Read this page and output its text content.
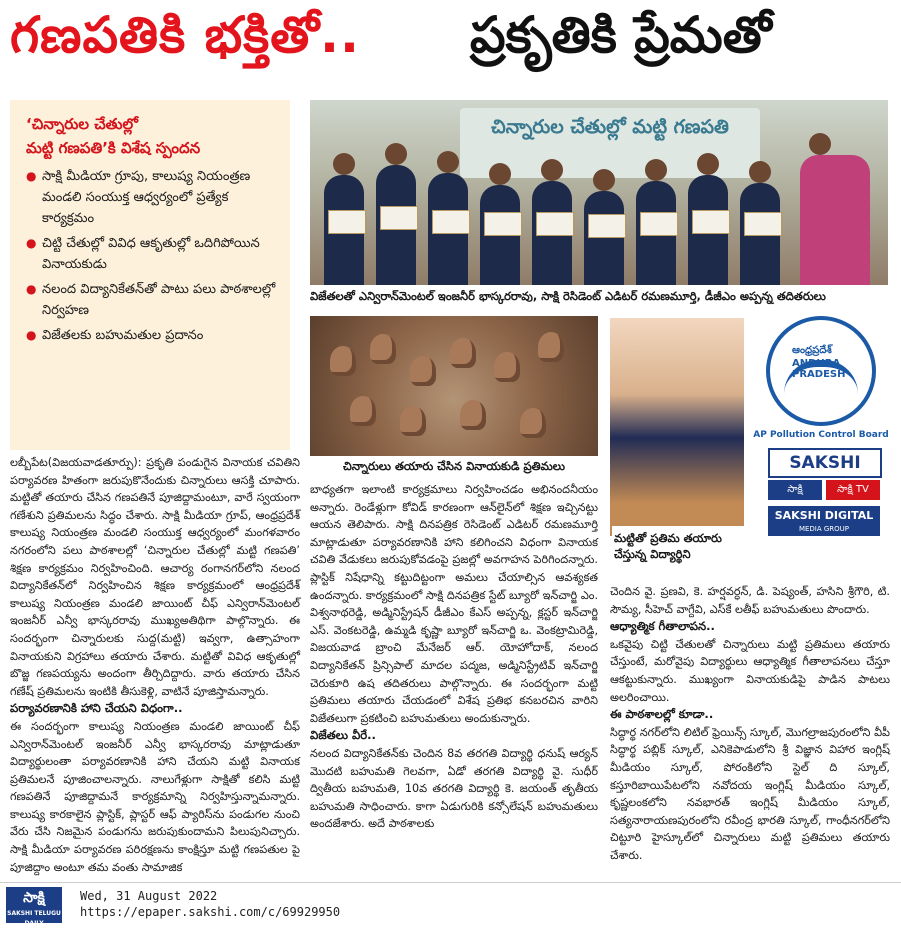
గణపతికి భక్తితో.. ప్రకృతికి ప్రేమతో
‘చిన్నారుల చేతుల్లో
మట్టి గణపతి’కి విశేష స్పందన
● సాక్షి మీడియా గ్రూపు, కాలుష్య నియంత్రణ మండలి సంయుక్త ఆధ్వర్యంలో ప్రత్యేక కార్యక్రమం
● చిట్టి చేతుల్లో వివిధ ఆకృతుల్లో ఒదిగిపోయిన వినాయకుడు
● నలంద విద్యానికేతన్‌తో పాటు పలు పాఠశాలల్లో నిర్వహణ
● విజేతలకు బహుమతుల ప్రదానం
చిన్నారుల చేతుల్లో మట్టి గణపతి
విజేతలతో ఎన్విరాన్‌మెంటల్ ఇంజనీర్ భాస్కరరావు, సాక్షి రెసిడెంట్ ఎడిటర్ రమణమూర్తి, డీజీఎం అప్పన్న తదితరులు
చిన్నారులు తయారు చేసిన వినాయకుడి ప్రతిమలు
మట్టితో ప్రతిమ తయారు చేస్తున్న విద్యార్థిని
ఆంధ్రప్రదేశ్ ANDHRA PRADESH
AP Pollution Control Board
SAKSHI
సాక్షి	సాక్షి TV
SAKSHI DIGITAL
MEDIA GROUP

లబ్బీపేట(విజయవాడతూర్పు): ప్రకృతి పండుగైన వినాయక చవితిని పర్యావరణ హితంగా జరుపుకొనేందుకు చిన్నారులు ఆసక్తి చూపారు. మట్టితో తయారు చేసిన గణపతినే పూజిద్దామంటూ, వారే స్వయంగా గణేశుని ప్రతిమలను సిద్ధం చేశారు. సాక్షి మీడియా గ్రూప్, ఆంధ్రప్రదేశ్ కాలుష్య నియంత్రణ మండలి సంయుక్త ఆధ్వర్యంలో మంగళవారం నగరంలోని పలు పాఠశాలల్లో ‘చిన్నారుల చేతుల్లో మట్టి గణపతి’ శిక్షణ కార్యక్రమం నిర్వహించింది. ఆచార్య రంగానగర్‌లోని నలంద విద్యానికేతన్‌లో నిర్వహించిన శిక్షణ కార్యక్రమంలో ఆంధ్రప్రదేశ్ కాలుష్య నియంత్రణ మండలి జాయింట్ చీఫ్ ఎన్విరాన్‌మెంటల్ ఇంజనీర్ ఎన్వీ భాస్కరరావు ముఖ్యఅతిథిగా పాల్గొన్నారు. ఈ సందర్భంగా చిన్నారులకు సుద్ద(మట్టి) ఇవ్వగా, ఉత్సాహంగా వినాయకుని విగ్రహాలు తయారు చేశారు. మట్టితో వివిధ ఆకృతుల్లో బొజ్జ గణపయ్యను అందంగా తీర్చిదిద్దారు. వారు తయారు చేసిన గణేష్ ప్రతిమలను ఇంటికి తీసుకెళ్లి, వాటినే పూజిస్తామన్నారు.

పర్యావరణానికి హాని చేయని విధంగా..

ఈ సందర్భంగా కాలుష్య నియంత్రణ మండలి జాయింట్ చీఫ్ ఎన్విరాన్‌మెంటల్ ఇంజనీర్ ఎన్వీ భాస్కరరావు మాట్లాడుతూ విద్యార్థులంతా పర్యావరణానికి హాని చేయని మట్టి వినాయక ప్రతిమలనే పూజించాలన్నారు. నాలుగేళ్లుగా సాక్షితో కలిసి మట్టి గణపతినే పూజిద్దామనే కార్యక్రమాన్ని నిర్వహిస్తున్నామన్నారు. కాలుష్య కారకాలైన ప్లాస్టిక్, ప్లాస్టర్ ఆఫ్ ప్యారిస్‌ను పండుగల నుంచి వేరు చేసి నిజమైన పండుగను జరుపుకుందామని పిలుపునిచ్చారు. సాక్షి మీడియా పర్యావరణ పరిరక్షణను కాంక్షిస్తూ మట్టి గణపతుల పై పూజిద్దాం అంటూ తమ వంతు సామాజిక

బాధ్యతగా ఇలాంటి కార్యక్రమాలు నిర్వహించడం అభినందనీయం అన్నారు. రెండేళ్లుగా కోవిడ్ కారణంగా ఆన్‌లైన్‌లో శిక్షణ ఇచ్చినట్టు ఆయన తెలిపారు. సాక్షి దినపత్రిక రెసిడెంట్ ఎడిటర్ రమణమూర్తి మాట్లాడుతూ పర్యావరణానికి హాని కలిగించని విధంగా వినాయక చవితి వేడుకలు జరుపుకోవడంపై ప్రజల్లో అవగాహన పెరిగిందన్నారు. ప్లాస్టిక్ నిషేధాన్ని కట్టుదిట్టంగా అమలు చేయాల్సిన ఆవశ్యకత ఉందన్నారు. కార్యక్రమంలో సాక్షి దినపత్రిక స్టేట్ బ్యూరో ఇన్‌చార్జి ఎం. విశ్వనాథరెడ్డి, అడ్మినిస్ట్రేషన్ డీజీఎం కేఎస్ అప్పన్న, క్లస్టర్ ఇన్‌చార్జి ఎస్. వెంకటరెడ్డి, ఉమ్మడి కృష్ణా బ్యూరో ఇన్‌చార్జి ఒ. వెంకట్రామిరెడ్డి, విజయవాడ బ్రాంచి మేనేజర్ ఆర్. యోహోదాక్, నలంద విద్యానికేతన్ ప్రిన్సిపాల్ మాదల పద్మజ, అడ్మినిస్ట్రేటివ్ ఇన్‌చార్జి చెరుకూరి ఉష తదితరులు పాల్గొన్నారు. ఈ సందర్భంగా మట్టి ప్రతిమలు తయారు చేయడంలో విశేష ప్రతిభ కనబరచిన వారిని విజేతలుగా ప్రకటించి బహుమతులు అందుకున్నారు.

విజేతలు వీరే..

నలంద విద్యానికేతన్‌కు చెందిన 8వ తరగతి విద్యార్థి ధనుష్ ఆర్యన్ మొదటి బహుమతి గెలవగా, ఏడో తరగతి విద్యార్థి వై. సుధీర్ ద్వితీయ బహుమతి, 10వ తరగతి విద్యార్థి కె. జయంత్ తృతీయ బహుమతి సాధించారు. కాగా ఏడుగురికి కన్సోలేషన్ బహుమతులు అందజేశారు. అదే పాఠశాలకు

చెందిన వై. ప్రణవి, కె. హర్షవర్ధన్, డి. పెష్యంత్, హసిని శ్రీగౌరి, టి. సౌమ్య, సీహెచ్ వాగ్దేవి, ఎస్‌కే లతీఫ్ బహుమతులు పొందారు.

ఆధ్యాత్మిక గీతాలాపన..

ఒకవైపు చిట్టి చేతులతో చిన్నారులు మట్టి ప్రతిమలు తయారు చేస్తుంటే, మరోవైపు విద్యార్థులు ఆధ్యాత్మిక గీతాలాపనలు చేస్తూ ఆకట్టుకున్నారు. ముఖ్యంగా వినాయకుడిపై పాడిన పాటలు అలరించాయి.

ఈ పాఠశాలల్లో కూడా..

సిద్ధార్థ నగర్‌లోని లిటిల్ ఫ్రెయిన్స్ స్కూల్, మొగల్రాజపురంలోని వీపీ సిద్ధార్థ పబ్లిక్ స్కూల్, ఎనికెపాడులోని శ్రీ విజ్ఞాన విహార ఇంగ్లిష్ మీడియం స్కూల్, పోరంకిలోని స్టెల్ ది స్కూల్, కస్తూరిబాయిపేటలోని నవోదయ ఇంగ్లిష్ మీడియం స్కూల్, కృష్ణలంకలోని నవభారత్ ఇంగ్లిష్ మీడియం స్కూల్, సత్యనారాయణపురంలోని రవీంద్ర భారతి స్కూల్, గాంధీనగర్‌లోని చిట్టూరి హైస్కూల్‌లో చిన్నారులు మట్టి ప్రతిమలు తయారు చేశారు.

సాక్షి
SAKSHI TELUGU DAILY
Wed, 31 August 2022
https://epaper.sakshi.com/c/69929950
